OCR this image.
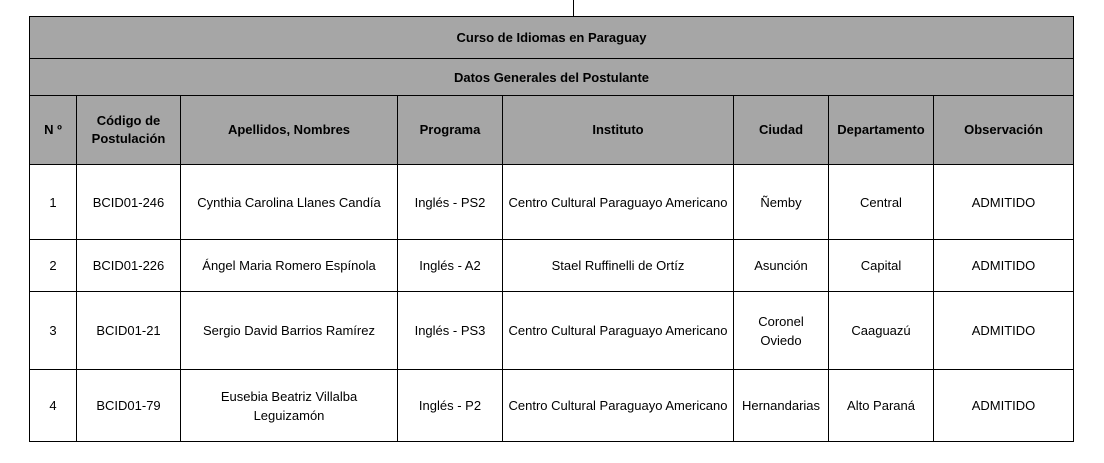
Curso de Idiomas en Paraguay							
Datos Generales del Postulante							
N º	Código de Postulación	Apellidos, Nombres	Programa	Instituto	Ciudad	Departamento	Observación
1	BCID01-246	Cynthia Carolina Llanes Candía	Inglés - PS2	Centro Cultural Paraguayo Americano	Ñemby	Central	ADMITIDO
2	BCID01-226	Ángel Maria Romero Espínola	Inglés - A2	Stael Ruffinelli de Ortíz	Asunción	Capital	ADMITIDO
3	BCID01-21	Sergio David Barrios Ramírez	Inglés - PS3	Centro Cultural Paraguayo Americano	Coronel Oviedo	Caaguazú	ADMITIDO
4	BCID01-79	Eusebia Beatriz Villalba Leguizamón	Inglés - P2	Centro Cultural Paraguayo Americano	Hernandarias	Alto Paraná	ADMITIDO
